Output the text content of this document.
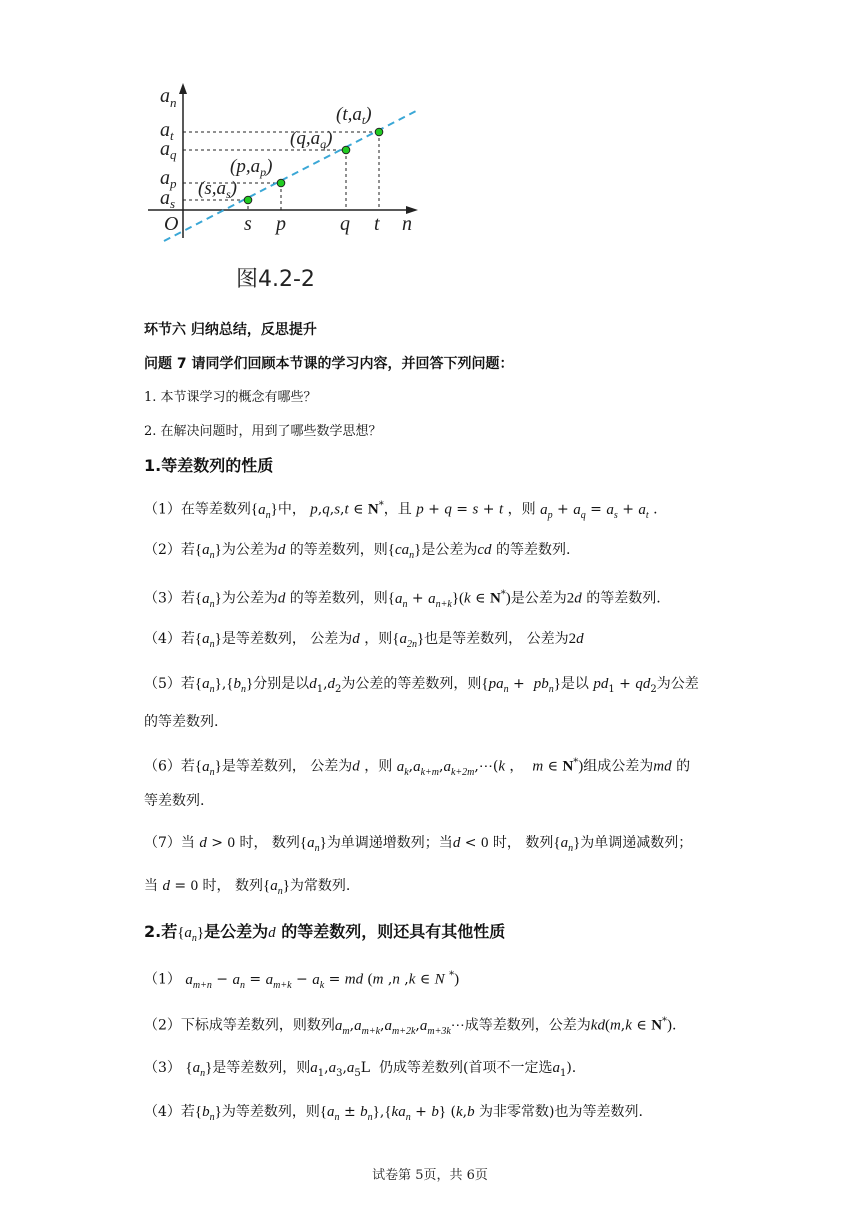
$a_n$
n
O
$a_t$
$a_q$
$a_p$
$a_s$
s p	q t
$(t,a_t)$
$(q,a_q)$
$(p,a_p)$
$(s,a_s)$
图4.2-2
环节六 归纳总结，反思提升
问题 7 请同学们回顾本节课的学习内容，并回答下列问题：
1. 本节课学习的概念有哪些？
2. 在解决问题时，用到了哪些数学思想？
1.等差数列的性质
（1）在等差数列$\{a_n\}$中， p,q,s,t ∈ N*，且 p + q = s + t ，则 $a_p + a_q = a_s + a_t$ .
（2）若$\{a_n\}$为公差为d 的等差数列，则$\{ca_n\}$是公差为cd 的等差数列.
（3）若$\{a_n\}$为公差为d 的等差数列，则$\{a_n + a_{n+k}\}(k$ ∈ N*)是公差为2d 的等差数列.
（4）若$\{a_n\}$是等差数列， 公差为d ，则$\{a_{2n}\}$也是等差数列， 公差为2d
（5）若$\{a_n\},\{b_n\}$分别是以$d_1,d_2$为公差的等差数列，则$\{pa_n + pb_n\}$是以 $pd_1 + qd_2$为公差
的等差数列.
（6）若$\{a_n\}$是等差数列， 公差为d ，则 $a_k,a_{k+m},a_{k+2m},\cdots(k$ ，  m ∈ N*)组成公差为md 的
等差数列.
（7）当 d > 0 时， 数列$\{a_n\}$为单调递增数列；当d < 0 时， 数列$\{a_n\}$为单调递减数列；
当 d = 0 时， 数列$\{a_n\}$为常数列.
2.若$\{a_n\}$是公差为d 的等差数列，则还具有其他性质
（1） $a_{m+n} - a_n = a_{m+k} - a_k$ = md (m ,n ,k ∈ N *)
（2）下标成等差数列，则数列$a_m,a_{m+k},a_{m+2k},a_{m+3k}\cdots$成等差数列，公差为kd(m,k ∈ N*).
（3） $\{a_n\}$是等差数列，则$a_1,a_3,a_5L$  仍成等差数列(首项不一定选$a_1$).
（4）若$\{b_n\}$为等差数列，则$\{a_n \pm b_n\},\{ka_n + b\}$ (k,b 为非零常数)也为等差数列.
试卷第 5页，共 6页
